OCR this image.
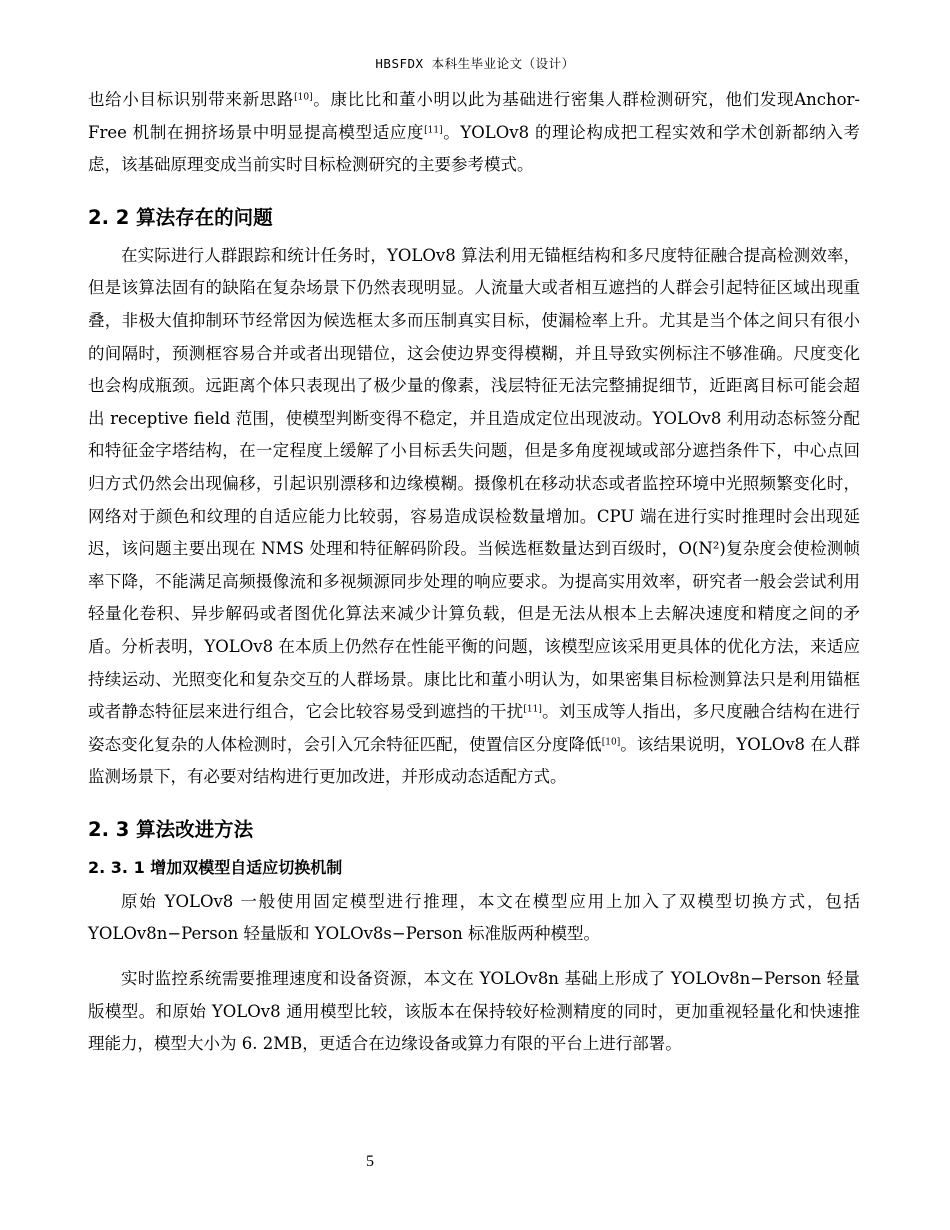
HBSFDX 本科生毕业论文（设计）

也给小目标识别带来新思路[10]。康比比和董小明以此为基础进行密集人群检测研究，他们发现Anchor-Free 机制在拥挤场景中明显提高模型适应度[11]。YOLOv8 的理论构成把工程实效和学术创新都纳入考虑，该基础原理变成当前实时目标检测研究的主要参考模式。

2. 2 算法存在的问题

在实际进行人群跟踪和统计任务时，YOLOv8 算法利用无锚框结构和多尺度特征融合提高检测效率，但是该算法固有的缺陷在复杂场景下仍然表现明显。人流量大或者相互遮挡的人群会引起特征区域出现重叠，非极大值抑制环节经常因为候选框太多而压制真实目标，使漏检率上升。尤其是当个体之间只有很小的间隔时，预测框容易合并或者出现错位，这会使边界变得模糊，并且导致实例标注不够准确。尺度变化也会构成瓶颈。远距离个体只表现出了极少量的像素，浅层特征无法完整捕捉细节，近距离目标可能会超出 receptive field 范围，使模型判断变得不稳定，并且造成定位出现波动。YOLOv8 利用动态标签分配和特征金字塔结构，在一定程度上缓解了小目标丢失问题，但是多角度视域或部分遮挡条件下，中心点回归方式仍然会出现偏移，引起识别漂移和边缘模糊。摄像机在移动状态或者监控环境中光照频繁变化时，网络对于颜色和纹理的自适应能力比较弱，容易造成误检数量增加。CPU 端在进行实时推理时会出现延迟，该问题主要出现在 NMS 处理和特征解码阶段。当候选框数量达到百级时，O(N²)复杂度会使检测帧率下降，不能满足高频摄像流和多视频源同步处理的响应要求。为提高实用效率，研究者一般会尝试利用轻量化卷积、异步解码或者图优化算法来减少计算负载，但是无法从根本上去解决速度和精度之间的矛盾。分析表明，YOLOv8 在本质上仍然存在性能平衡的问题，该模型应该采用更具体的优化方法，来适应持续运动、光照变化和复杂交互的人群场景。康比比和董小明认为，如果密集目标检测算法只是利用锚框或者静态特征层来进行组合，它会比较容易受到遮挡的干扰[11]。刘玉成等人指出，多尺度融合结构在进行姿态变化复杂的人体检测时，会引入冗余特征匹配，使置信区分度降低[10]。该结果说明，YOLOv8 在人群监测场景下，有必要对结构进行更加改进，并形成动态适配方式。

2. 3 算法改进方法
2. 3. 1 增加双模型自适应切换机制

原始 YOLOv8 一般使用固定模型进行推理，本文在模型应用上加入了双模型切换方式，包括 YOLOv8n−Person 轻量版和 YOLOv8s−Person 标准版两种模型。

实时监控系统需要推理速度和设备资源，本文在 YOLOv8n 基础上形成了 YOLOv8n−Person 轻量版模型。和原始 YOLOv8 通用模型比较，该版本在保持较好检测精度的同时，更加重视轻量化和快速推理能力，模型大小为 6. 2MB，更适合在边缘设备或算力有限的平台上进行部署。

5
